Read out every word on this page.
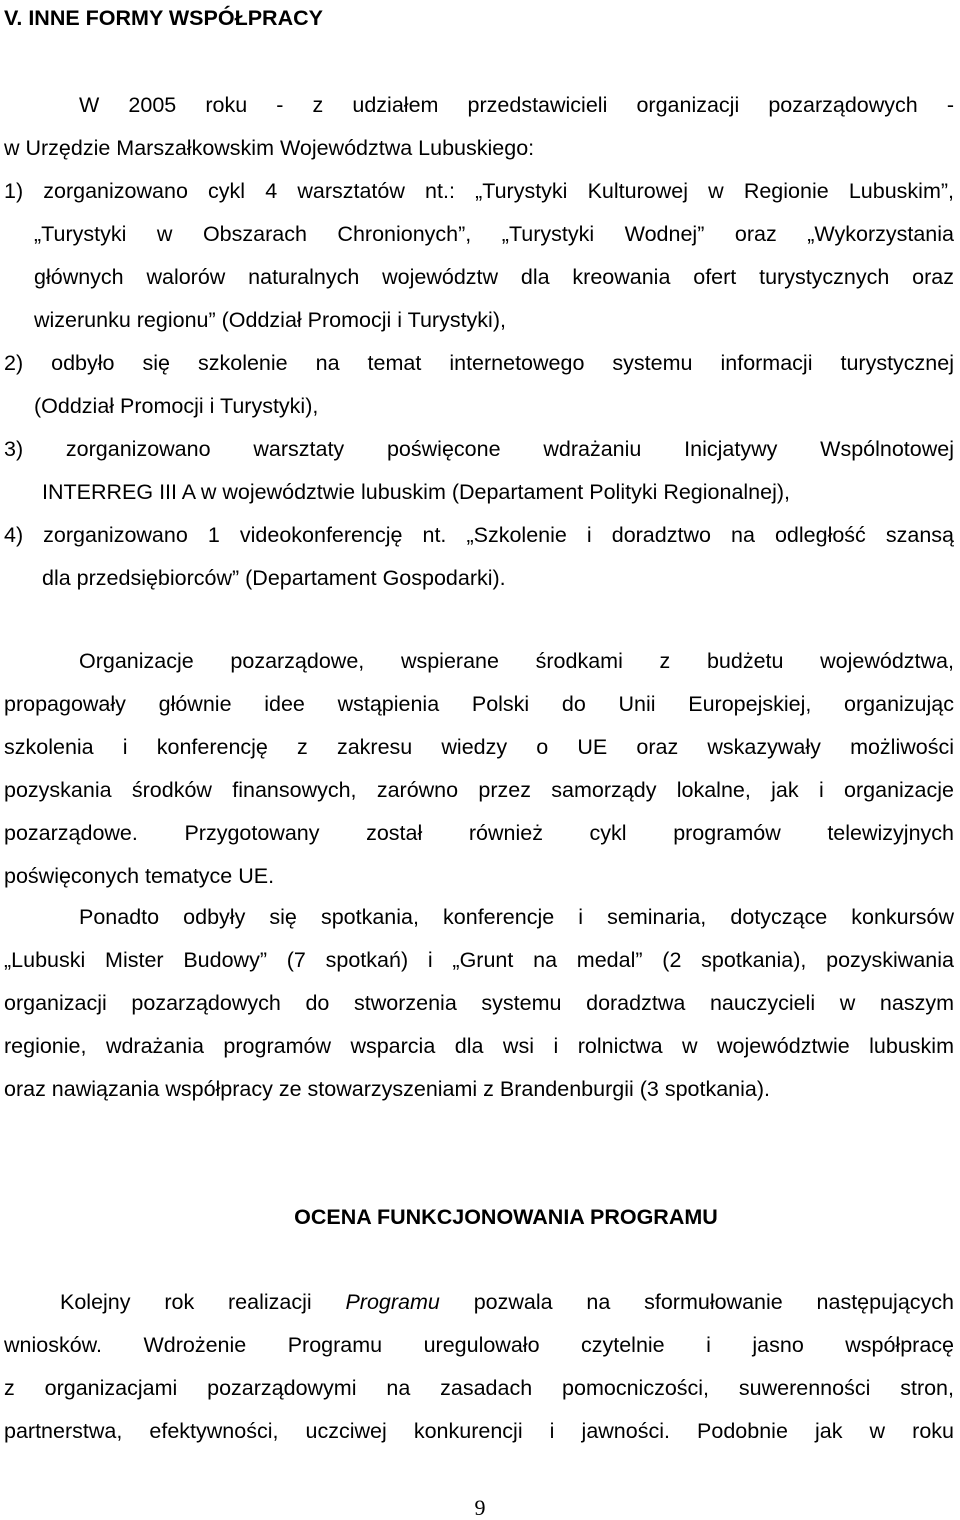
V. INNE FORMY WSPÓŁPRACY
W 2005 roku - z udziałem przedstawicieli organizacji pozarządowych -
w Urzędzie Marszałkowskim Województwa Lubuskiego:
1) zorganizowano cykl 4 warsztatów nt.: „Turystyki Kulturowej w Regionie Lubuskim”,
„Turystyki w Obszarach Chronionych”, „Turystyki Wodnej” oraz „Wykorzystania
głównych walorów naturalnych województw dla kreowania ofert turystycznych oraz
wizerunku regionu” (Oddział Promocji i Turystyki),
2) odbyło się szkolenie na temat internetowego systemu informacji turystycznej
(Oddział Promocji i Turystyki),
3) zorganizowano warsztaty poświęcone wdrażaniu Inicjatywy Wspólnotowej
INTERREG III A w województwie lubuskim (Departament Polityki Regionalnej),
4) zorganizowano 1 videokonferencję nt. „Szkolenie i doradztwo na odległość szansą
dla przedsiębiorców” (Departament Gospodarki).
Organizacje pozarządowe, wspierane środkami z budżetu województwa,
propagowały głównie idee wstąpienia Polski do Unii Europejskiej, organizując
szkolenia i konferencję z zakresu wiedzy o UE oraz wskazywały możliwości
pozyskania środków finansowych, zarówno przez samorządy lokalne, jak i organizacje
pozarządowe. Przygotowany został również cykl programów telewizyjnych
poświęconych tematyce UE.
Ponadto odbyły się spotkania, konferencje i seminaria, dotyczące konkursów
„Lubuski Mister Budowy” (7 spotkań) i „Grunt na medal” (2 spotkania), pozyskiwania
organizacji pozarządowych do stworzenia systemu doradztwa nauczycieli w naszym
regionie, wdrażania programów wsparcia dla wsi i rolnictwa w województwie lubuskim
oraz nawiązania współpracy ze stowarzyszeniami z Brandenburgii (3 spotkania).
OCENA FUNKCJONOWANIA PROGRAMU
Kolejny rok realizacji Programu pozwala na sformułowanie następujących
wniosków. Wdrożenie Programu uregulowało czytelnie i jasno współpracę
z organizacjami pozarządowymi na zasadach pomocniczości, suwerenności stron,
partnerstwa, efektywności, uczciwej konkurencji i jawności. Podobnie jak w roku
9
